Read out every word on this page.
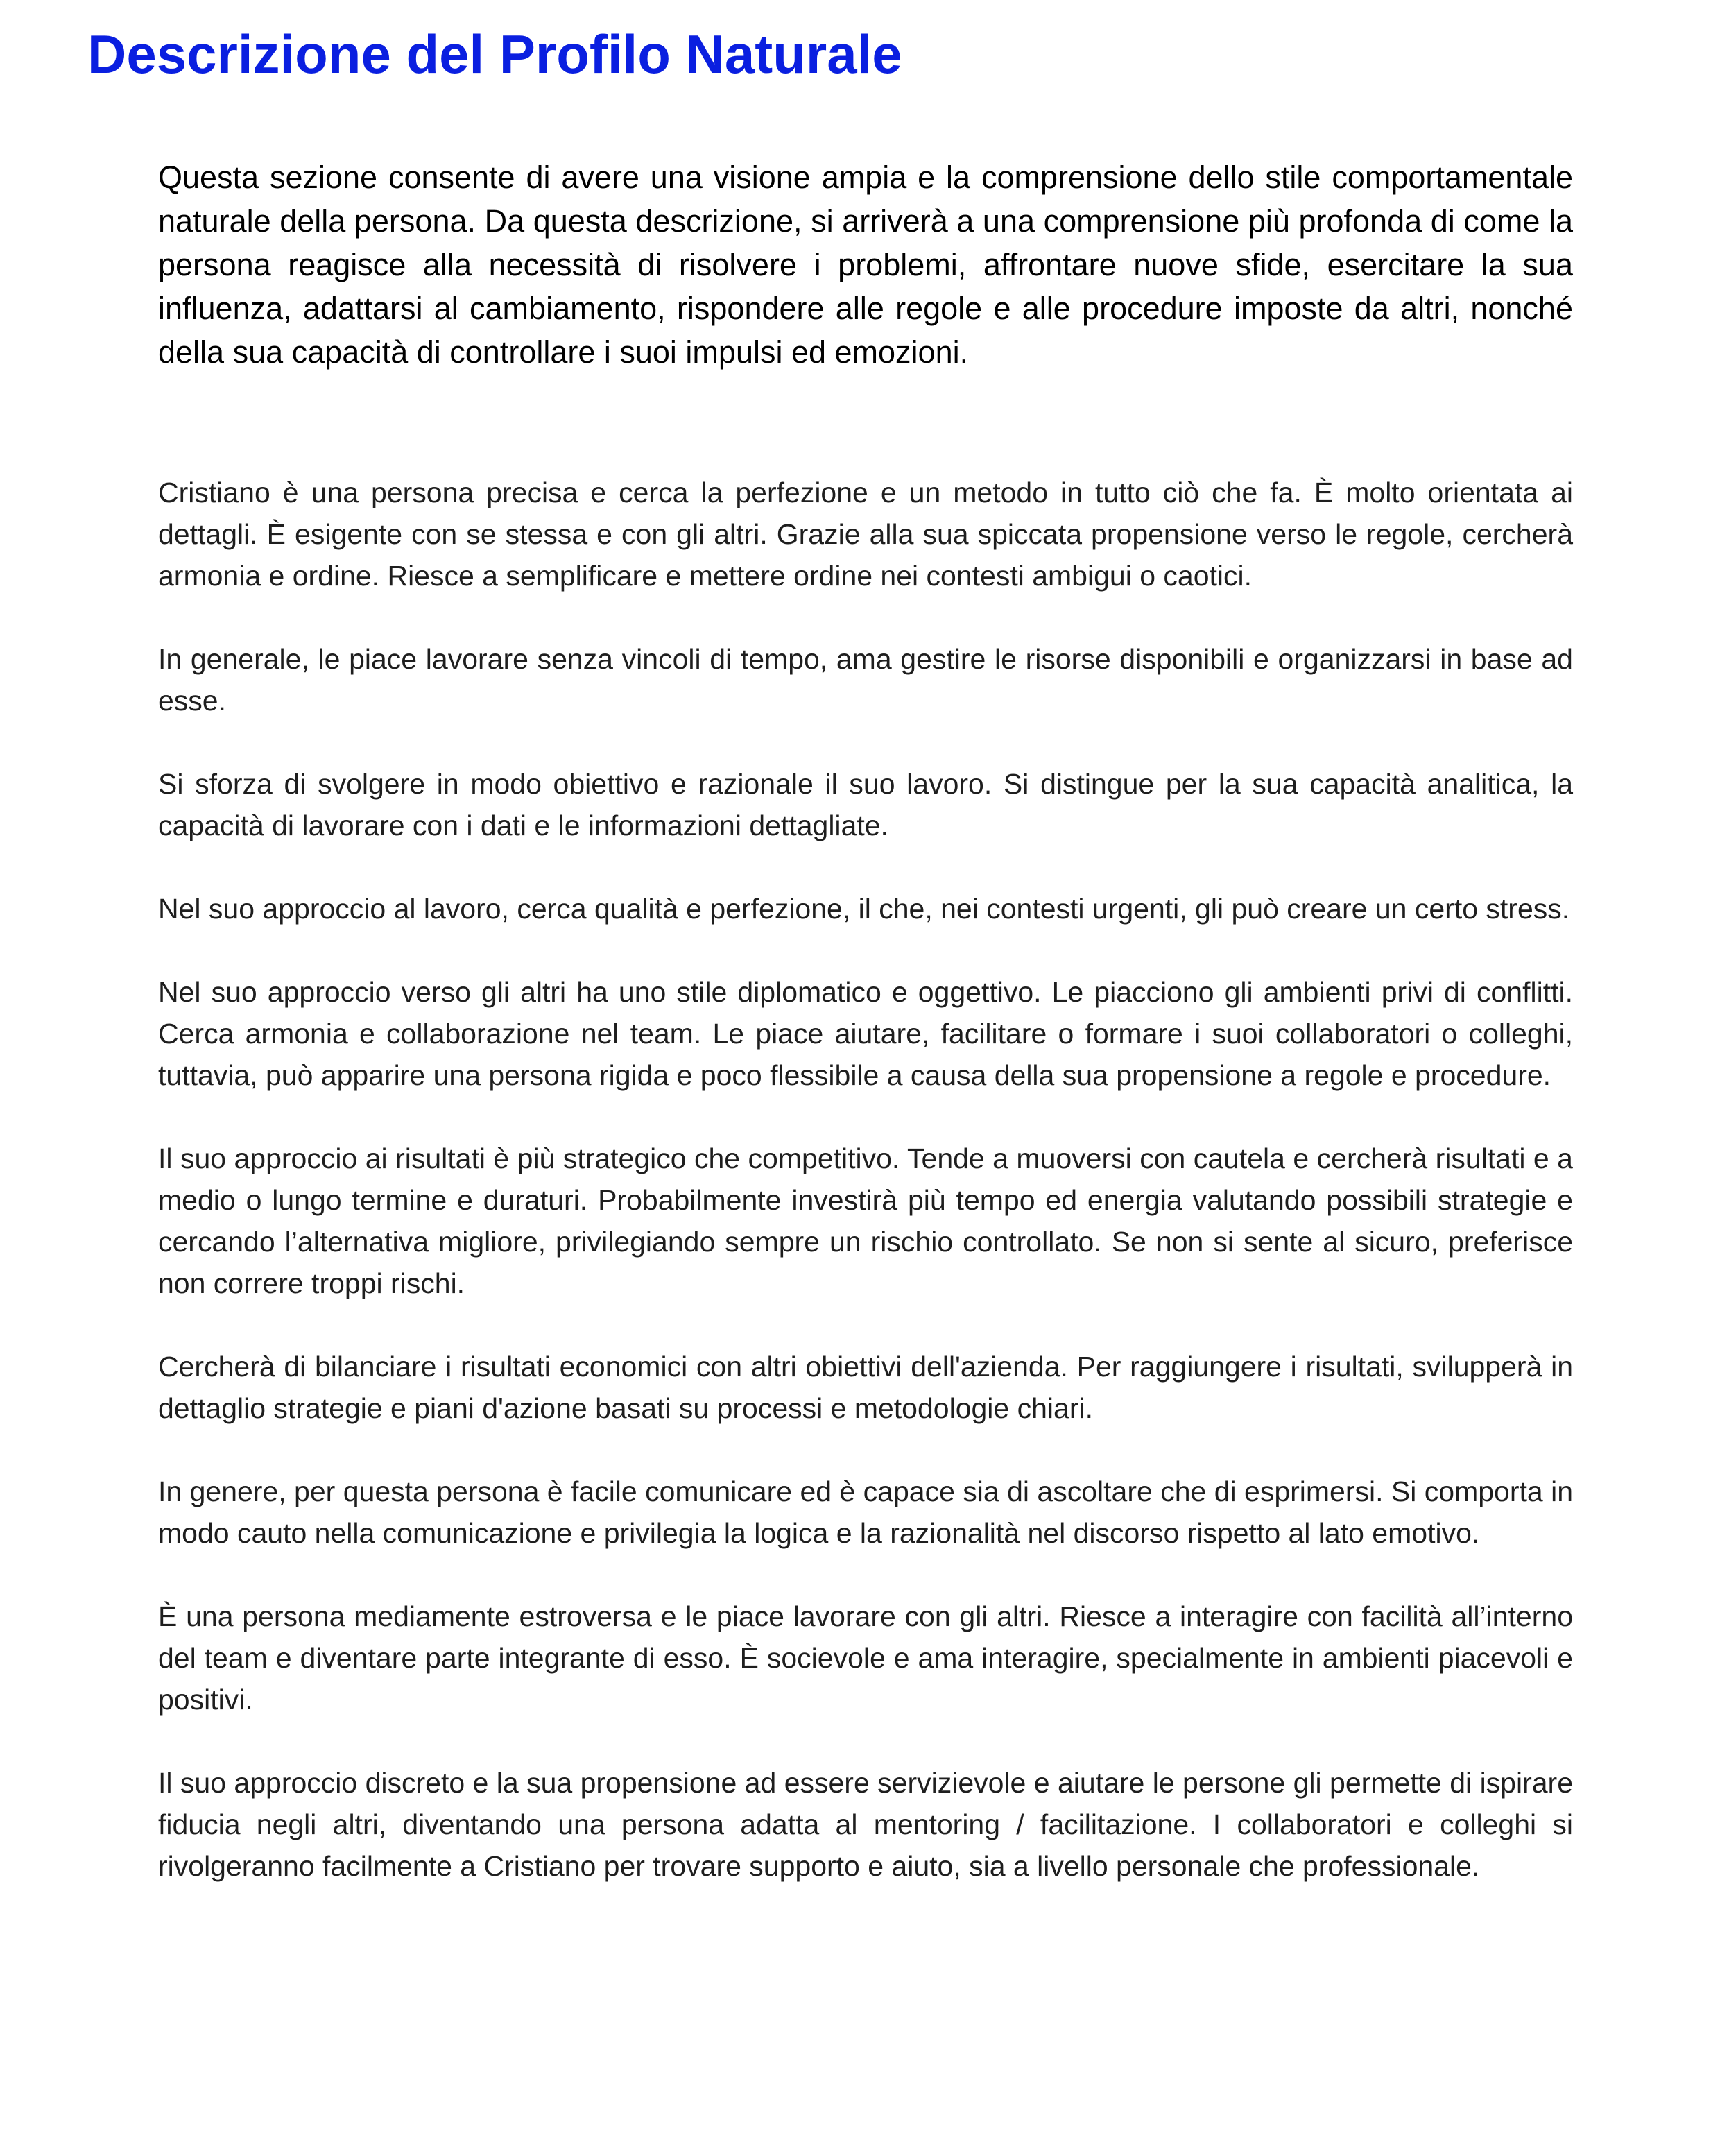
Descrizione del Profilo Naturale

Questa sezione consente di avere una visione ampia e la comprensione dello stile comportamentale naturale della persona. Da questa descrizione, si arriverà a una comprensione più profonda di come la persona reagisce alla necessità di risolvere i problemi, affrontare nuove sfide, esercitare la sua influenza, adattarsi al cambiamento, rispondere alle regole e alle procedure imposte da altri, nonché della sua capacità di controllare i suoi impulsi ed emozioni.

Cristiano è una persona precisa e cerca la perfezione e un metodo in tutto ciò che fa. È molto orientata ai dettagli. È esigente con se stessa e con gli altri. Grazie alla sua spiccata propensione verso le regole, cercherà armonia e ordine. Riesce a semplificare e mettere ordine nei contesti ambigui o caotici.

In generale, le piace lavorare senza vincoli di tempo, ama gestire le risorse disponibili e organizzarsi in base ad esse.

Si sforza di svolgere in modo obiettivo e razionale il suo lavoro. Si distingue per la sua capacità analitica, la capacità di lavorare con i dati e le informazioni dettagliate.

Nel suo approccio al lavoro, cerca qualità e perfezione, il che, nei contesti urgenti, gli può creare un certo stress.

Nel suo approccio verso gli altri ha uno stile diplomatico e oggettivo. Le piacciono gli ambienti privi di conflitti. Cerca armonia e collaborazione nel team. Le piace aiutare, facilitare o formare i suoi collaboratori o colleghi, tuttavia, può apparire una persona rigida e poco flessibile a causa della sua propensione a regole e procedure.

Il suo approccio ai risultati è più strategico che competitivo. Tende a muoversi con cautela e cercherà risultati e a medio o lungo termine e duraturi. Probabilmente investirà più tempo ed energia valutando possibili strategie e cercando l’alternativa migliore, privilegiando sempre un rischio controllato. Se non si sente al sicuro, preferisce non correre troppi rischi.

Cercherà di bilanciare i risultati economici con altri obiettivi dell'azienda. Per raggiungere i risultati, svilupperà in dettaglio strategie e piani d'azione basati su processi e metodologie chiari.

In genere, per questa persona è facile comunicare ed è capace sia di ascoltare che di esprimersi. Si comporta in modo cauto nella comunicazione e privilegia la logica e la razionalità nel discorso rispetto al lato emotivo.

È una persona mediamente estroversa e le piace lavorare con gli altri. Riesce a interagire con facilità all’interno del team e diventare parte integrante di esso. È socievole e ama interagire, specialmente in ambienti piacevoli e positivi.

Il suo approccio discreto e la sua propensione ad essere servizievole e aiutare le persone gli permette di ispirare fiducia negli altri, diventando una persona adatta al mentoring / facilitazione. I collaboratori e colleghi si rivolgeranno facilmente a Cristiano per trovare supporto e aiuto, sia a livello personale che professionale.
